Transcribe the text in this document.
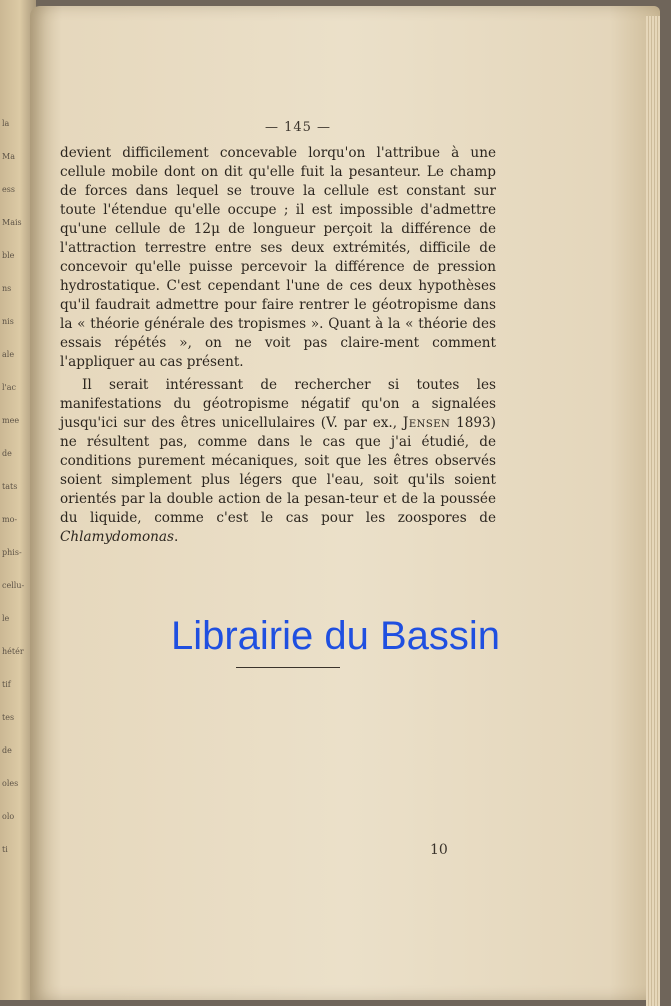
la
Ma
ess
Mais
ble
ns
nis
ale
l'ac
mee
de
tats
mo-
phis-
cellu-
le
hétér
tif
tes
de
oles
olo
ti
— 145 —

devient difficilement concevable lorqu'on l'attribue à une cellule mobile dont on dit qu'elle fuit la pesanteur. Le champ de forces dans lequel se trouve la cellule est constant sur toute l'étendue qu'elle occupe ; il est impossible d'admettre qu'une cellule de 12μ de longueur perçoit la différence de l'attraction terrestre entre ses deux extrémités, difficile de concevoir qu'elle puisse percevoir la différence de pression hydrostatique. C'est cependant l'une de ces deux hypothèses qu'il faudrait admettre pour faire rentrer le géotropisme dans la « théorie générale des tropismes ». Quant à la « théorie des essais répétés », on ne voit pas claire-ment comment l'appliquer au cas présent.

Il serait intéressant de rechercher si toutes les manifestations du géotropisme négatif qu'on a signalées jusqu'ici sur des êtres unicellulaires (V. par ex., Jensen 1893) ne résultent pas, comme dans le cas que j'ai étudié, de conditions purement mécaniques, soit que les êtres observés soient simplement plus légers que l'eau, soit qu'ils soient orientés par la double action de la pesan-teur et de la poussée du liquide, comme c'est le cas pour les zoospores de Chlamydomonas.

Librairie du Bassin
10
